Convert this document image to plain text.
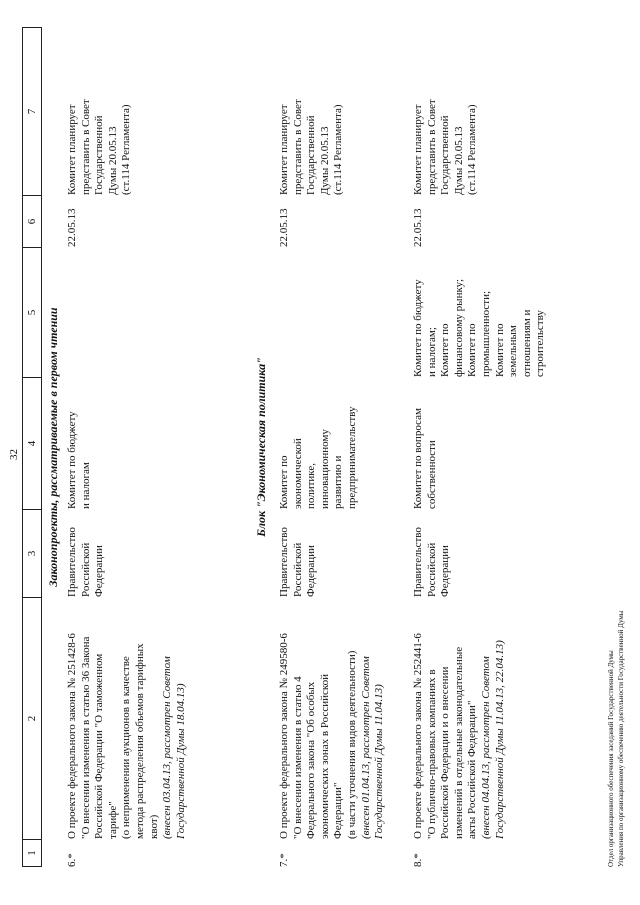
32
1
2
3
4
5
6
7
Законопроекты, рассматриваемые в первом чтении	Блок "Экономическая политика"
6.*
О проекте федерального закона № 251428-6 "О внесении изменения в статью 36 Закона Российской Федерации "О таможенном тарифе" (о неприменении аукционов в качестве метода распределения объемов тарифных квот) (внесен 03.04.13, рассмотрен Советом Государственной Думы 18.04.13)
Правительство Российской Федерации
Комитет по бюджету и налогам
22.05.13
Комитет планирует представить в Совет Государственной Думы 20.05.13 (ст.114 Регламента)
7.*
О проекте федерального закона № 249580-6 "О внесении изменения в статью 4 Федерального закона "Об особых экономических зонах в Российской Федерации" (в части уточнения видов деятельности) (внесен 01.04.13, рассмотрен Советом Государственной Думы 11.04.13)
Правительство Российской Федерации
Комитет по экономической политике, инновационному развитию и предпринимательству
22.05.13
Комитет планирует представить в Совет Государственной Думы 20.05.13 (ст.114 Регламента)
8.*
О проекте федерального закона № 252441-6 "О публично-правовых компаниях в Российской Федерации и о внесении изменений в отдельные законодательные акты Российской Федерации" (внесен 04.04.13, рассмотрен Советом Государственной Думы 11.04.13, 22.04.13)
Правительство Российской Федерации
Комитет по вопросам собственности
Комитет по бюджету и налогам; Комитет по финансовому рынку; Комитет по промышленности; Комитет по земельным отношениям и строительству
22.05.13
Комитет планирует представить в Совет Государственной Думы 20.05.13 (ст.114 Регламента)
Отдел организационного обеспечения заседаний Государственной Думы Управления по организационному обеспечению деятельности Государственной Думы
